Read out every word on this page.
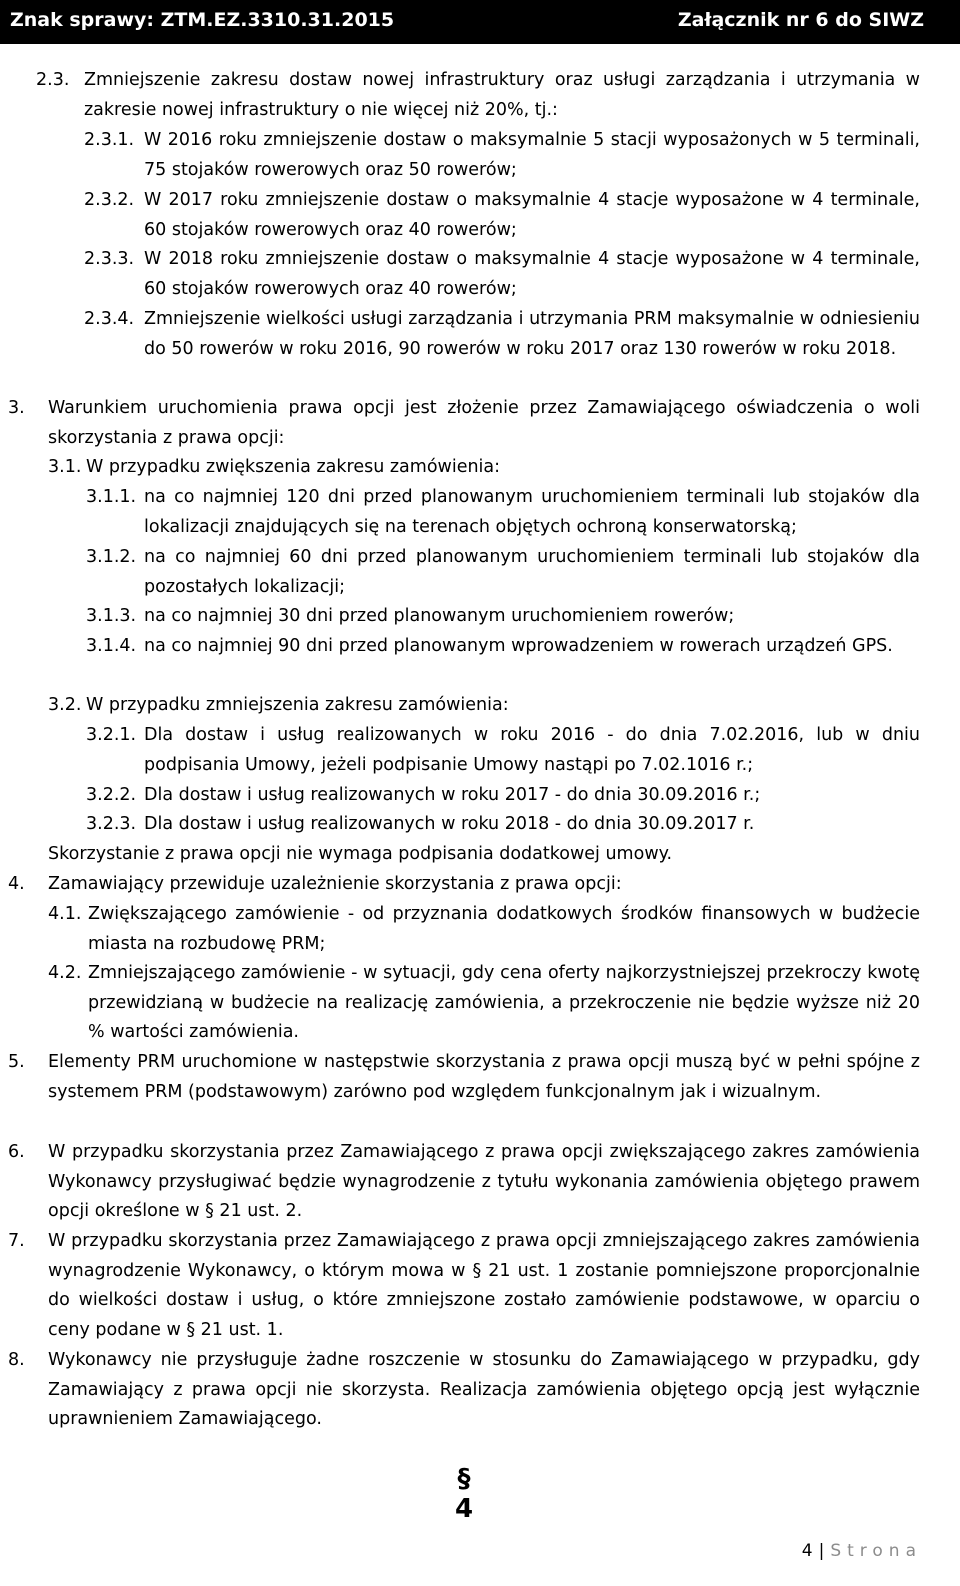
Znak sprawy: ZTM.EZ.3310.31.2015	Załącznik nr 6 do SIWZ
2.3. Zmniejszenie zakresu dostaw nowej infrastruktury oraz usługi zarządzania i utrzymania w zakresie nowej infrastruktury o nie więcej niż 20%, tj.:
2.3.1. W 2016 roku zmniejszenie dostaw o maksymalnie 5 stacji wyposażonych w 5 terminali, 75 stojaków rowerowych oraz 50 rowerów;
2.3.2. W 2017 roku zmniejszenie dostaw o maksymalnie 4 stacje wyposażone w 4 terminale, 60 stojaków rowerowych oraz 40 rowerów;
2.3.3. W 2018 roku zmniejszenie dostaw o maksymalnie 4 stacje wyposażone w 4 terminale, 60 stojaków rowerowych oraz 40 rowerów;
2.3.4. Zmniejszenie wielkości usługi zarządzania i utrzymania PRM maksymalnie w odniesieniu do 50 rowerów w roku 2016, 90 rowerów w roku 2017 oraz 130 rowerów w roku 2018.
3. Warunkiem uruchomienia prawa opcji jest złożenie przez Zamawiającego oświadczenia o woli skorzystania z prawa opcji:
3.1. W przypadku zwiększenia zakresu zamówienia:
3.1.1. na co najmniej 120 dni przed planowanym uruchomieniem terminali lub stojaków dla lokalizacji znajdujących się na terenach objętych ochroną konserwatorską;
3.1.2. na co najmniej 60 dni przed planowanym uruchomieniem terminali lub stojaków dla pozostałych lokalizacji;
3.1.3. na co najmniej 30 dni przed planowanym uruchomieniem rowerów;
3.1.4. na co najmniej 90 dni przed planowanym wprowadzeniem w rowerach urządzeń GPS.
3.2. W przypadku zmniejszenia zakresu zamówienia:
3.2.1. Dla dostaw i usług realizowanych w roku 2016 - do dnia 7.02.2016, lub w dniu podpisania Umowy, jeżeli podpisanie Umowy nastąpi po 7.02.1016 r.;
3.2.2. Dla dostaw i usług realizowanych w roku 2017 - do dnia 30.09.2016 r.;
3.2.3. Dla dostaw i usług realizowanych w roku 2018 - do dnia 30.09.2017 r.
Skorzystanie z prawa opcji nie wymaga podpisania dodatkowej umowy.
4. Zamawiający przewiduje uzależnienie skorzystania z prawa opcji:
4.1. Zwiększającego zamówienie - od przyznania dodatkowych środków finansowych w budżecie miasta na rozbudowę PRM;
4.2. Zmniejszającego zamówienie - w sytuacji, gdy cena oferty najkorzystniejszej przekroczy kwotę przewidzianą w budżecie na realizację zamówienia, a przekroczenie nie będzie wyższe niż 20 % wartości zamówienia.
5. Elementy PRM uruchomione w następstwie skorzystania z prawa opcji muszą być w pełni spójne z systemem PRM (podstawowym) zarówno pod względem funkcjonalnym jak i wizualnym.
6. W przypadku skorzystania przez Zamawiającego z prawa opcji zwiększającego zakres zamówienia Wykonawcy przysługiwać będzie wynagrodzenie z tytułu wykonania zamówienia objętego prawem opcji określone w § 21 ust. 2.
7. W przypadku skorzystania przez Zamawiającego z prawa opcji zmniejszającego zakres zamówienia wynagrodzenie Wykonawcy, o którym mowa w § 21 ust. 1 zostanie pomniejszone proporcjonalnie do wielkości dostaw i usług, o które zmniejszone zostało zamówienie podstawowe, w oparciu o ceny podane w § 21 ust. 1.
8. Wykonawcy nie przysługuje żadne roszczenie w stosunku do Zamawiającego w przypadku, gdy Zamawiający z prawa opcji nie skorzysta. Realizacja zamówienia objętego opcją jest wyłącznie uprawnieniem Zamawiającego.
§ 4
4 | Strona
